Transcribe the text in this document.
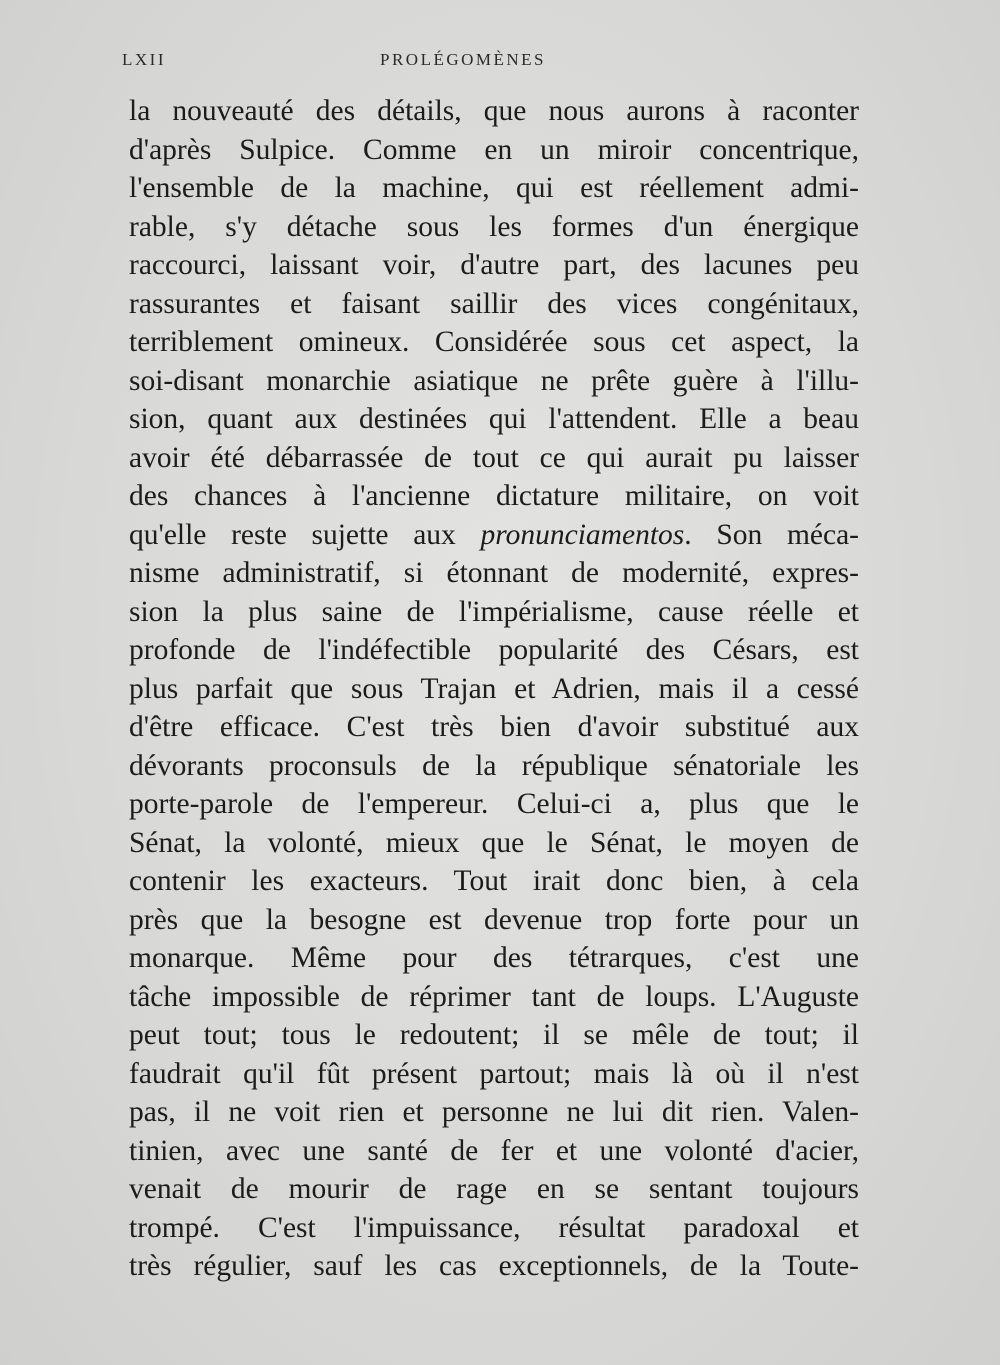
LXII	PROLÉGOMÈNES
la nouveauté des détails, que nous aurons à raconter
d'après Sulpice. Comme en un miroir concentrique,
l'ensemble de la machine, qui est réellement admi-
rable, s'y détache sous les formes d'un énergique
raccourci, laissant voir, d'autre part, des lacunes peu
rassurantes et faisant saillir des vices congénitaux,
terriblement omineux. Considérée sous cet aspect, la
soi-disant monarchie asiatique ne prête guère à l'illu-
sion, quant aux destinées qui l'attendent. Elle a beau
avoir été débarrassée de tout ce qui aurait pu laisser
des chances à l'ancienne dictature militaire, on voit
qu'elle reste sujette aux pronunciamentos. Son méca-
nisme administratif, si étonnant de modernité, expres-
sion la plus saine de l'impérialisme, cause réelle et
profonde de l'indéfectible popularité des Césars, est
plus parfait que sous Trajan et Adrien, mais il a cessé
d'être efficace. C'est très bien d'avoir substitué aux
dévorants proconsuls de la république sénatoriale les
porte-parole de l'empereur. Celui-ci a, plus que le
Sénat, la volonté, mieux que le Sénat, le moyen de
contenir les exacteurs. Tout irait donc bien, à cela
près que la besogne est devenue trop forte pour un
monarque. Même pour des tétrarques, c'est une
tâche impossible de réprimer tant de loups. L'Auguste
peut tout; tous le redoutent; il se mêle de tout; il
faudrait qu'il fût présent partout; mais là où il n'est
pas, il ne voit rien et personne ne lui dit rien. Valen-
tinien, avec une santé de fer et une volonté d'acier,
venait de mourir de rage en se sentant toujours
trompé. C'est l'impuissance, résultat paradoxal et
très régulier, sauf les cas exceptionnels, de la Toute-
